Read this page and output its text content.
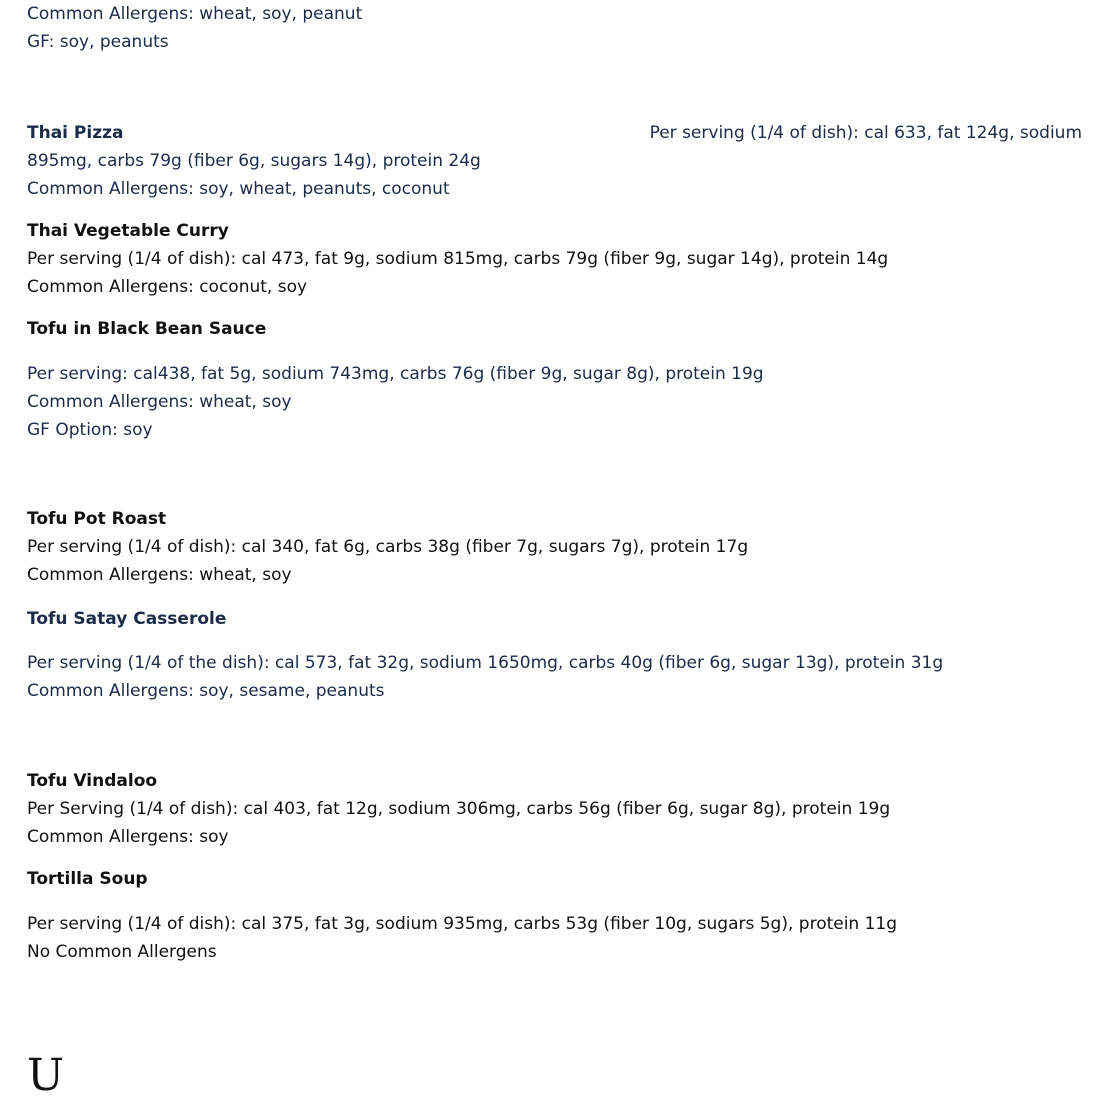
Common Allergens: wheat, soy, peanut
GF: soy, peanuts
Thai Pizza	Per serving (1/4 of dish): cal 633, fat 124g, sodium
895mg, carbs 79g (fiber 6g, sugars 14g), protein 24g
Common Allergens: soy, wheat, peanuts, coconut
Thai Vegetable Curry
Per serving (1/4 of dish): cal 473, fat 9g, sodium 815mg, carbs 79g (fiber 9g, sugar 14g), protein 14g
Common Allergens: coconut, soy
Tofu in Black Bean Sauce
Per serving: cal438, fat 5g, sodium 743mg, carbs 76g (fiber 9g, sugar 8g), protein 19g
Common Allergens: wheat, soy
GF Option: soy
Tofu Pot Roast
Per serving (1/4 of dish): cal 340, fat 6g, carbs 38g (fiber 7g, sugars 7g), protein 17g
Common Allergens: wheat, soy
Tofu Satay Casserole
Per serving (1/4 of the dish): cal 573, fat 32g, sodium 1650mg, carbs 40g (fiber 6g, sugar 13g), protein 31g
Common Allergens: soy, sesame, peanuts
Tofu Vindaloo
Per Serving (1/4 of dish): cal 403, fat 12g, sodium 306mg, carbs 56g (fiber 6g, sugar 8g), protein 19g
Common Allergens: soy
Tortilla Soup
Per serving (1/4 of dish): cal 375, fat 3g, sodium 935mg, carbs 53g (fiber 10g, sugars 5g), protein 11g
No Common Allergens
U
